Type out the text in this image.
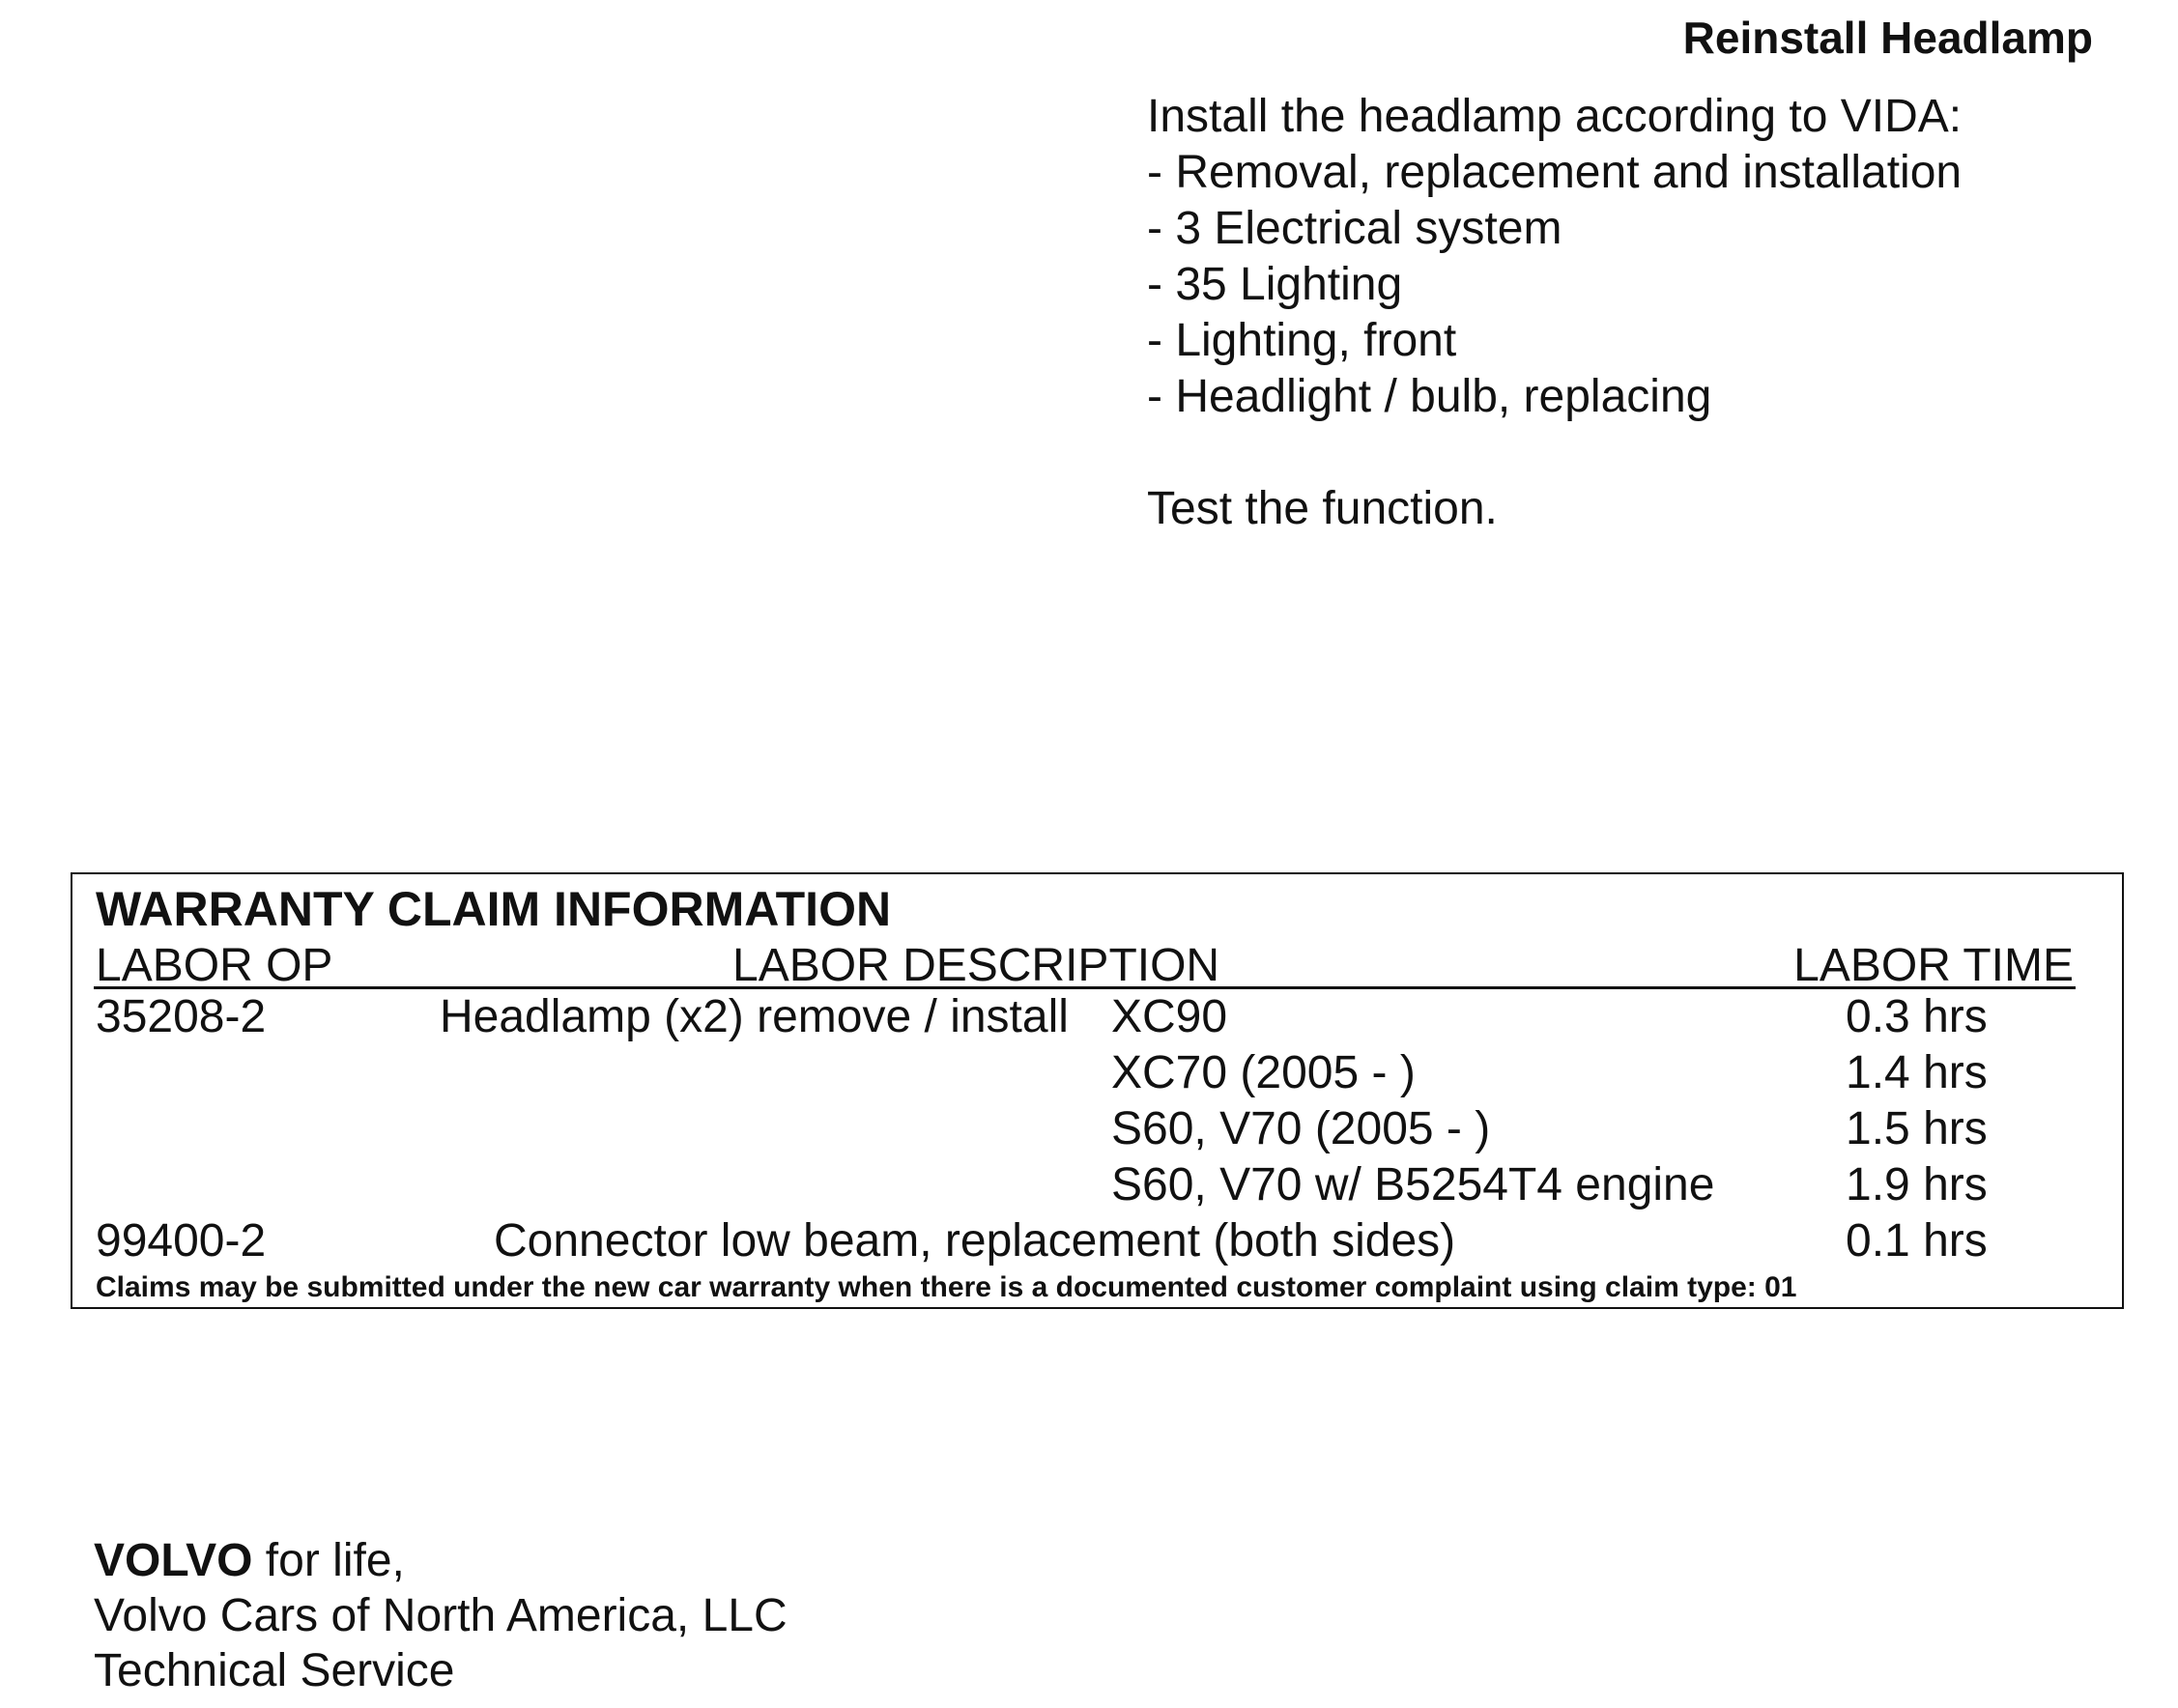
Reinstall Headlamp
Install the headlamp according to VIDA:
- Removal, replacement and installation
- 3 Electrical system
- 35 Lighting
- Lighting, front
- Headlight / bulb, replacing
Test the function.
WARRANTY CLAIM INFORMATION
LABOR OP	LABOR DESCRIPTION	LABOR TIME
35208-2	Headlamp (x2) remove / install XC90	0.3 hrs
XC70 (2005 - )	1.4 hrs
S60, V70 (2005 - )	1.5 hrs
S60, V70 w/ B5254T4 engine	1.9 hrs
99400-2	Connector low beam, replacement (both sides)	0.1 hrs
Claims may be submitted under the new car warranty when there is a documented customer complaint using claim type: 01
VOLVO for life,
Volvo Cars of North America, LLC
Technical Service
